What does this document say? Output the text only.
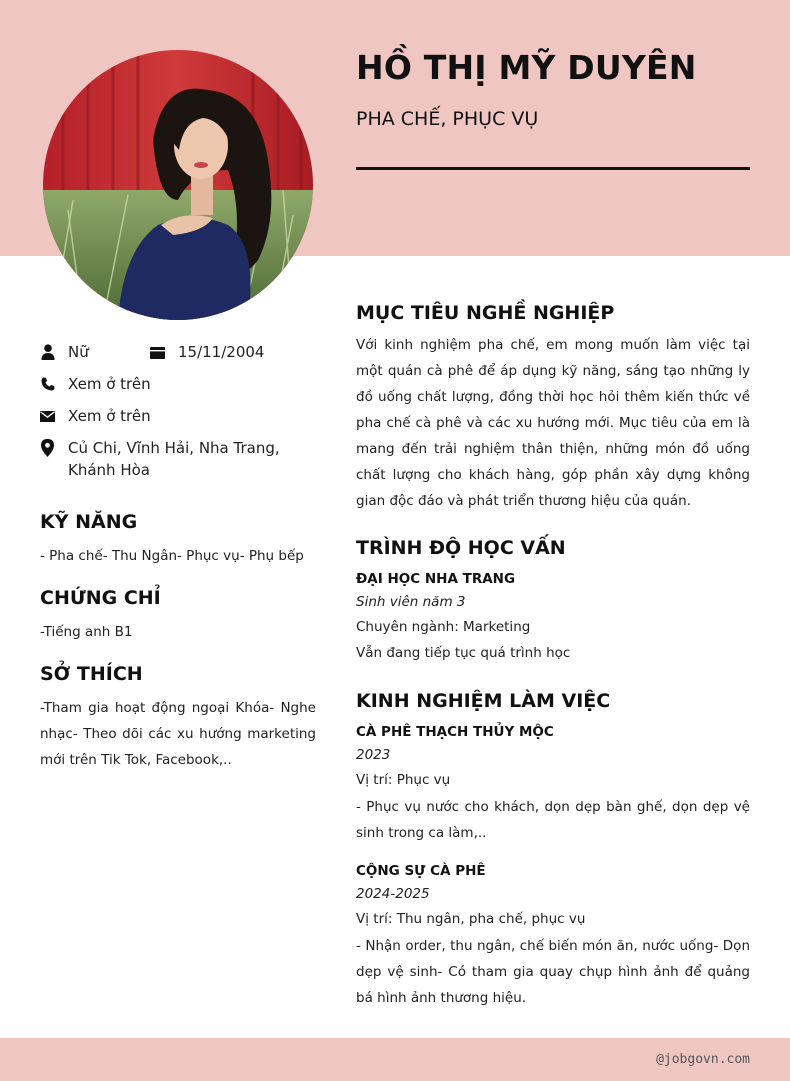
HỒ THỊ MỸ DUYÊN
PHA CHẾ, PHỤC VỤ
Nữ	15/11/2004
Xem ở trên
Xem ở trên
Củ Chi, Vĩnh Hải, Nha Trang, Khánh Hòa
KỸ NĂNG
- Pha chế- Thu Ngân- Phục vụ- Phụ bếp
CHỨNG CHỈ
-Tiếng anh B1
SỞ THÍCH
-Tham gia hoạt động ngoại Khóa- Nghe nhạc- Theo dõi các xu hướng marketing mới trên Tik Tok, Facebook,..
MỤC TIÊU NGHỀ NGHIỆP
Với kinh nghiệm pha chế, em mong muốn làm việc tại một quán cà phê để áp dụng kỹ năng, sáng tạo những ly đồ uống chất lượng, đồng thời học hỏi thêm kiến thức về pha chế cà phê và các xu hướng mới. Mục tiêu của em là mang đến trải nghiệm thân thiện, những món đồ uống chất lượng cho khách hàng, góp phần xây dựng không gian độc đáo và phát triển thương hiệu của quán.
TRÌNH ĐỘ HỌC VẤN
ĐẠI HỌC NHA TRANG
Sinh viên năm 3
Chuyên ngành: Marketing
Vẫn đang tiếp tục quá trình học
KINH NGHIỆM LÀM VIỆC
CÀ PHÊ THẠCH THỦY MỘC
2023
Vị trí: Phục vụ
- Phục vụ nước cho khách, dọn dẹp bàn ghế, dọn dẹp vệ sinh trong ca làm,..
CỘNG SỰ CÀ PHÊ
2024-2025
Vị trí: Thu ngân, pha chế, phục vụ
- Nhận order, thu ngân, chế biến món ăn, nước uống- Dọn dẹp vệ sinh- Có tham gia quay chụp hình ảnh để quảng bá hình ảnh thương hiệu.
@jobgovn.com
